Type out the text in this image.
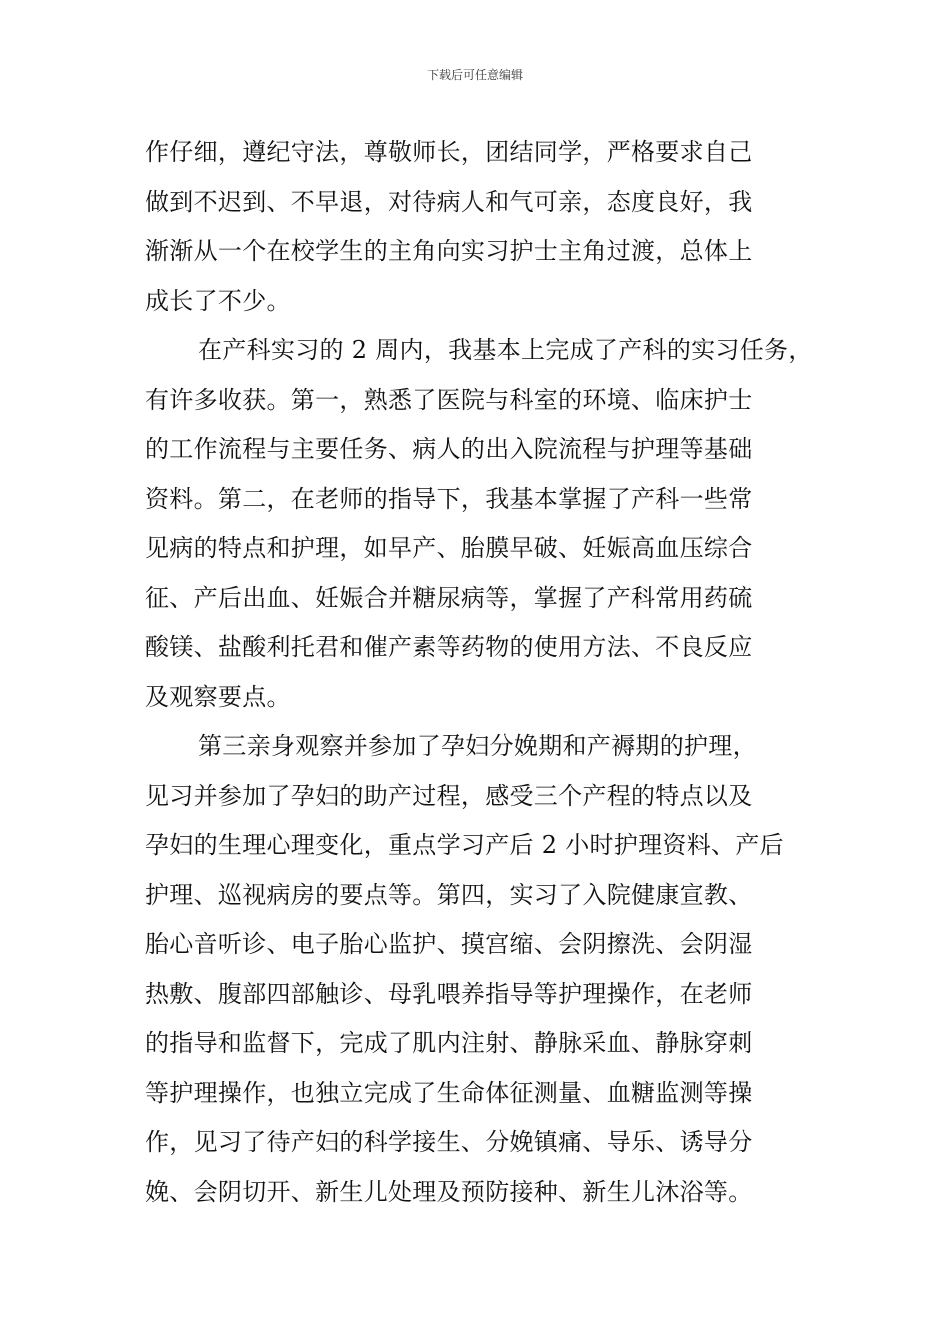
下载后可任意编辑
作仔细，遵纪守法，尊敬师长，团结同学，严格要求自己
做到不迟到、不早退，对待病人和气可亲，态度良好，我
渐渐从一个在校学生的主角向实习护士主角过渡，总体上
成长了不少。
在产科实习的 2 周内，我基本上完成了产科的实习任务，
有许多收获。第一，熟悉了医院与科室的环境、临床护士
的工作流程与主要任务、病人的出入院流程与护理等基础
资料。第二，在老师的指导下，我基本掌握了产科一些常
见病的特点和护理，如早产、胎膜早破、妊娠高血压综合
征、产后出血、妊娠合并糖尿病等，掌握了产科常用药硫
酸镁、盐酸利托君和催产素等药物的使用方法、不良反应
及观察要点。
第三亲身观察并参加了孕妇分娩期和产褥期的护理，
见习并参加了孕妇的助产过程，感受三个产程的特点以及
孕妇的生理心理变化，重点学习产后 2 小时护理资料、产后
护理、巡视病房的要点等。第四，实习了入院健康宣教、
胎心音听诊、电子胎心监护、摸宫缩、会阴擦洗、会阴湿
热敷、腹部四部触诊、母乳喂养指导等护理操作，在老师
的指导和监督下，完成了肌内注射、静脉采血、静脉穿刺
等护理操作，也独立完成了生命体征测量、血糖监测等操
作，见习了待产妇的科学接生、分娩镇痛、导乐、诱导分
娩、会阴切开、新生儿处理及预防接种、新生儿沐浴等。
